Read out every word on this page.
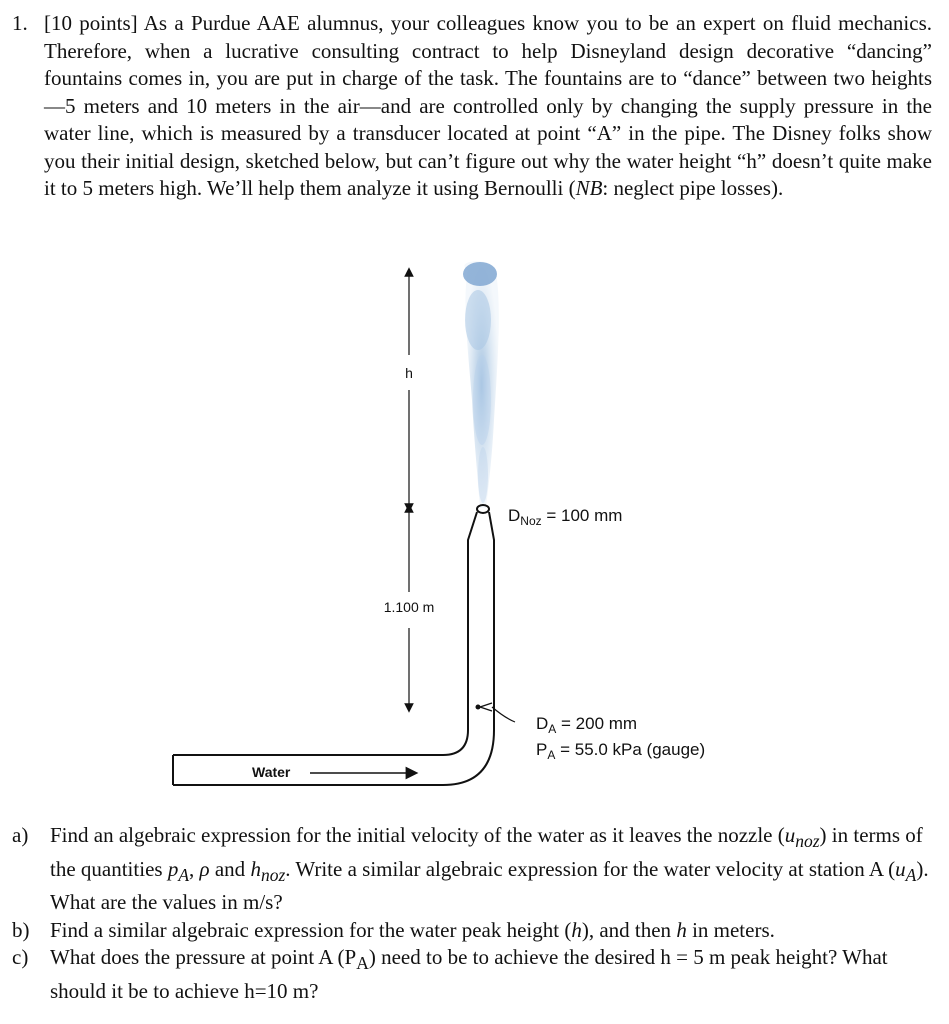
1. [10 points] As a Purdue AAE alumnus, your colleagues know you to be an expert on fluid mechanics. Therefore, when a lucrative consulting contract to help Disneyland design decorative “dancing” fountains comes in, you are put in charge of the task. The fountains are to “dance” between two heights—5 meters and 10 meters in the air—and are controlled only by changing the supply pressure in the water line, which is measured by a transducer located at point “A” in the pipe. The Disney folks show you their initial design, sketched below, but can’t figure out why the water height “h” doesn’t quite make it to 5 meters high. We’ll help them analyze it using Bernoulli (NB: neglect pipe losses).
h
1.100 m
Water
$D_{Noz} = 100$ mm
$D_A = 200$ mm
$P_A = 55.0$ kPa (gauge)
a) Find an algebraic expression for the initial velocity of the water as it leaves the nozzle $(u_{noz})$ in terms of the quantities $p_A$, ρ and $h_{noz}$. Write a similar algebraic expression for the water velocity at station A $(u_A)$. What are the values in m/s?
b) Find a similar algebraic expression for the water peak height (h), and then h in meters.
c) What does the pressure at point A $(P_A)$ need to be to achieve the desired h = 5 m peak height? What should it be to achieve h=10 m?
